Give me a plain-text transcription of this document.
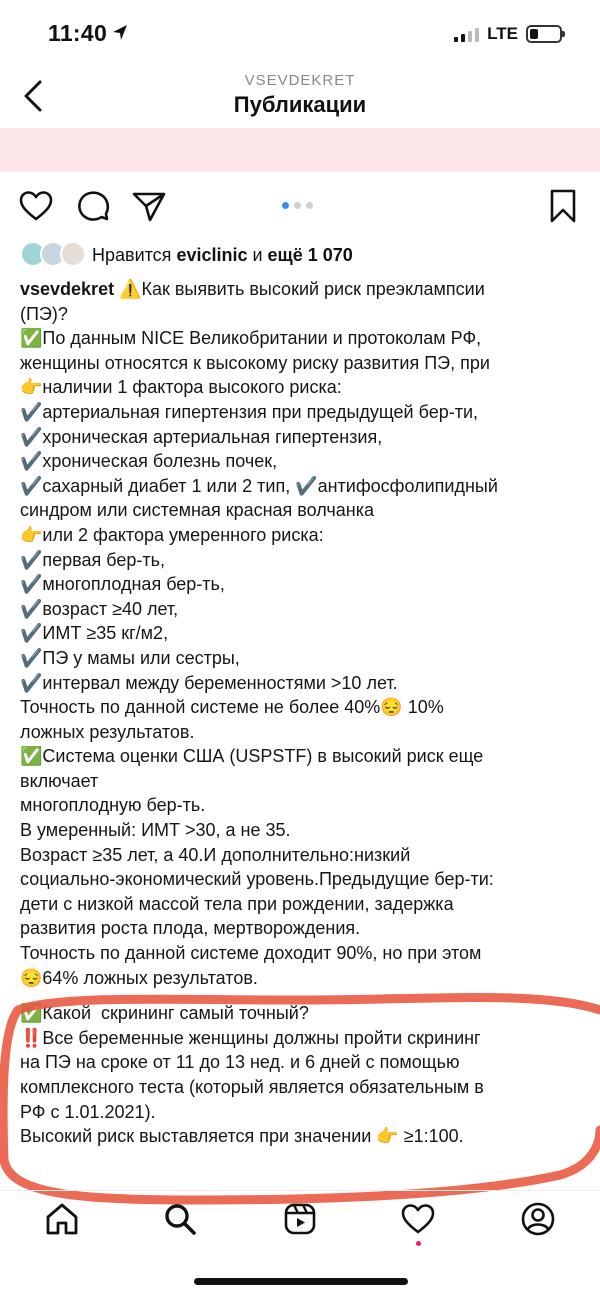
11:40	LTE
VSEVDEKRET
Публикации
Нравится eviclinic и ещё 1 070
vsevdekret ⚠️Как выявить высокий риск преэклампсии
(ПЭ)?
✅По данным NICE Великобритании и протоколам РФ,
женщины относятся к высокому риску развития ПЭ, при
👉наличии 1 фактора высокого риска:
✔️артериальная гипертензия при предыдущей бер-ти,
✔️хроническая артериальная гипертензия,
✔️хроническая болезнь почек,
✔️сахарный диабет 1 или 2 тип, ✔️антифосфолипидный
синдром или системная красная волчанка
👉или 2 фактора умеренного риска:
✔️первая бер-ть,
✔️многоплодная бер-ть,
✔️возраст ≥40 лет,
✔️ИМТ ≥35 кг/м2,
✔️ПЭ у мамы или сестры,
✔️интервал между беременностями >10 лет.
Точность по данной системе не более 40%😔 10%
ложных результатов.
✅Система оценки США (USPSTF) в высокий риск еще
включает
многоплодную бер-ть.
В умеренный: ИМТ >30, а не 35.
Возраст ≥35 лет, а 40.И дополнительно:низкий
социально-экономический уровень.Предыдущие бер-ти:
дети с низкой массой тела при рождении, задержка
развития роста плода, мертворождения.
Точность по данной системе доходит 90%, но при этом
😔64% ложных результатов.
✅Какой  скрининг самый точный?
‼️Все беременные женщины должны пройти скрининг
на ПЭ на сроке от 11 до 13 нед. и 6 дней с помощью
комплексного теста (который является обязательным в
РФ с 1.01.2021).
Высокий риск выставляется при значении 👉 ≥1:100.
